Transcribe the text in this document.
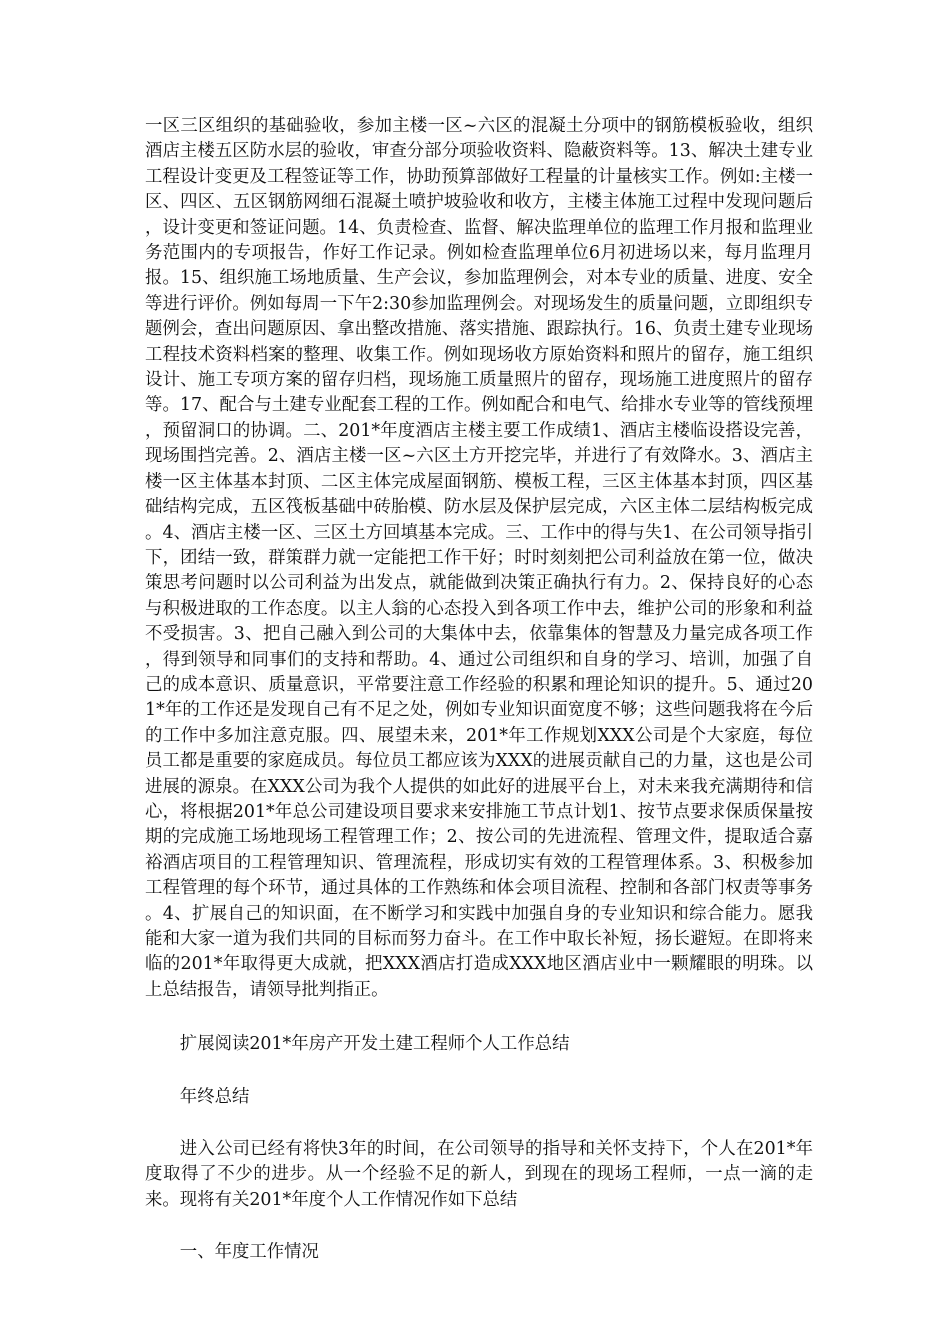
一区三区组织的基础验收，参加主楼一区~六区的混凝土分项中的钢筋模板验收，组织酒店主楼五区防水层的验收，审查分部分项验收资料、隐蔽资料等。13、解决土建专业工程设计变更及工程签证等工作，协助预算部做好工程量的计量核实工作。例如:主楼一区、四区、五区钢筋网细石混凝土喷护坡验收和收方，主楼主体施工过程中发现问题后，设计变更和签证问题。14、负责检查、监督、解决监理单位的监理工作月报和监理业务范围内的专项报告，作好工作记录。例如检查监理单位6月初进场以来，每月监理月报。15、组织施工场地质量、生产会议，参加监理例会，对本专业的质量、进度、安全等进行评价。例如每周一下午2:30参加监理例会。对现场发生的质量问题，立即组织专题例会，查出问题原因、拿出整改措施、落实措施、跟踪执行。16、负责土建专业现场工程技术资料档案的整理、收集工作。例如现场收方原始资料和照片的留存，施工组织设计、施工专项方案的留存归档，现场施工质量照片的留存，现场施工进度照片的留存等。17、配合与土建专业配套工程的工作。例如配合和电气、给排水专业等的管线预埋，预留洞口的协调。二、201*年度酒店主楼主要工作成绩1、酒店主楼临设搭设完善，现场围挡完善。2、酒店主楼一区~六区土方开挖完毕，并进行了有效降水。3、酒店主楼一区主体基本封顶、二区主体完成屋面钢筋、模板工程，三区主体基本封顶，四区基础结构完成，五区筏板基础中砖胎模、防水层及保护层完成，六区主体二层结构板完成。4、酒店主楼一区、三区土方回填基本完成。三、工作中的得与失1、在公司领导指引下，团结一致，群策群力就一定能把工作干好；时时刻刻把公司利益放在第一位，做决策思考问题时以公司利益为出发点，就能做到决策正确执行有力。2、保持良好的心态与积极进取的工作态度。以主人翁的心态投入到各项工作中去，维护公司的形象和利益不受损害。3、把自己融入到公司的大集体中去，依靠集体的智慧及力量完成各项工作，得到领导和同事们的支持和帮助。4、通过公司组织和自身的学习、培训，加强了自己的成本意识、质量意识，平常要注意工作经验的积累和理论知识的提升。5、通过201*年的工作还是发现自己有不足之处，例如专业知识面宽度不够；这些问题我将在今后的工作中多加注意克服。四、展望未来，201*年工作规划XXX公司是个大家庭，每位员工都是重要的家庭成员。每位员工都应该为XXX的进展贡献自己的力量，这也是公司进展的源泉。在XXX公司为我个人提供的如此好的进展平台上，对未来我充满期待和信心，将根据201*年总公司建设项目要求来安排施工节点计划1、按节点要求保质保量按期的完成施工场地现场工程管理工作；2、按公司的先进流程、管理文件，提取适合嘉裕酒店项目的工程管理知识、管理流程，形成切实有效的工程管理体系。3、积极参加工程管理的每个环节，通过具体的工作熟练和体会项目流程、控制和各部门权责等事务。4、扩展自己的知识面，在不断学习和实践中加强自身的专业知识和综合能力。愿我能和大家一道为我们共同的目标而努力奋斗。在工作中取长补短，扬长避短。在即将来临的201*年取得更大成就，把XXX酒店打造成XXX地区酒店业中一颗耀眼的明珠。以上总结报告，请领导批判指正。

扩展阅读201*年房产开发土建工程师个人工作总结

年终总结

进入公司已经有将快3年的时间，在公司领导的指导和关怀支持下，个人在201*年度取得了不少的进步。从一个经验不足的新人，到现在的现场工程师，一点一滴的走来。现将有关201*年度个人工作情况作如下总结

一、年度工作情况
